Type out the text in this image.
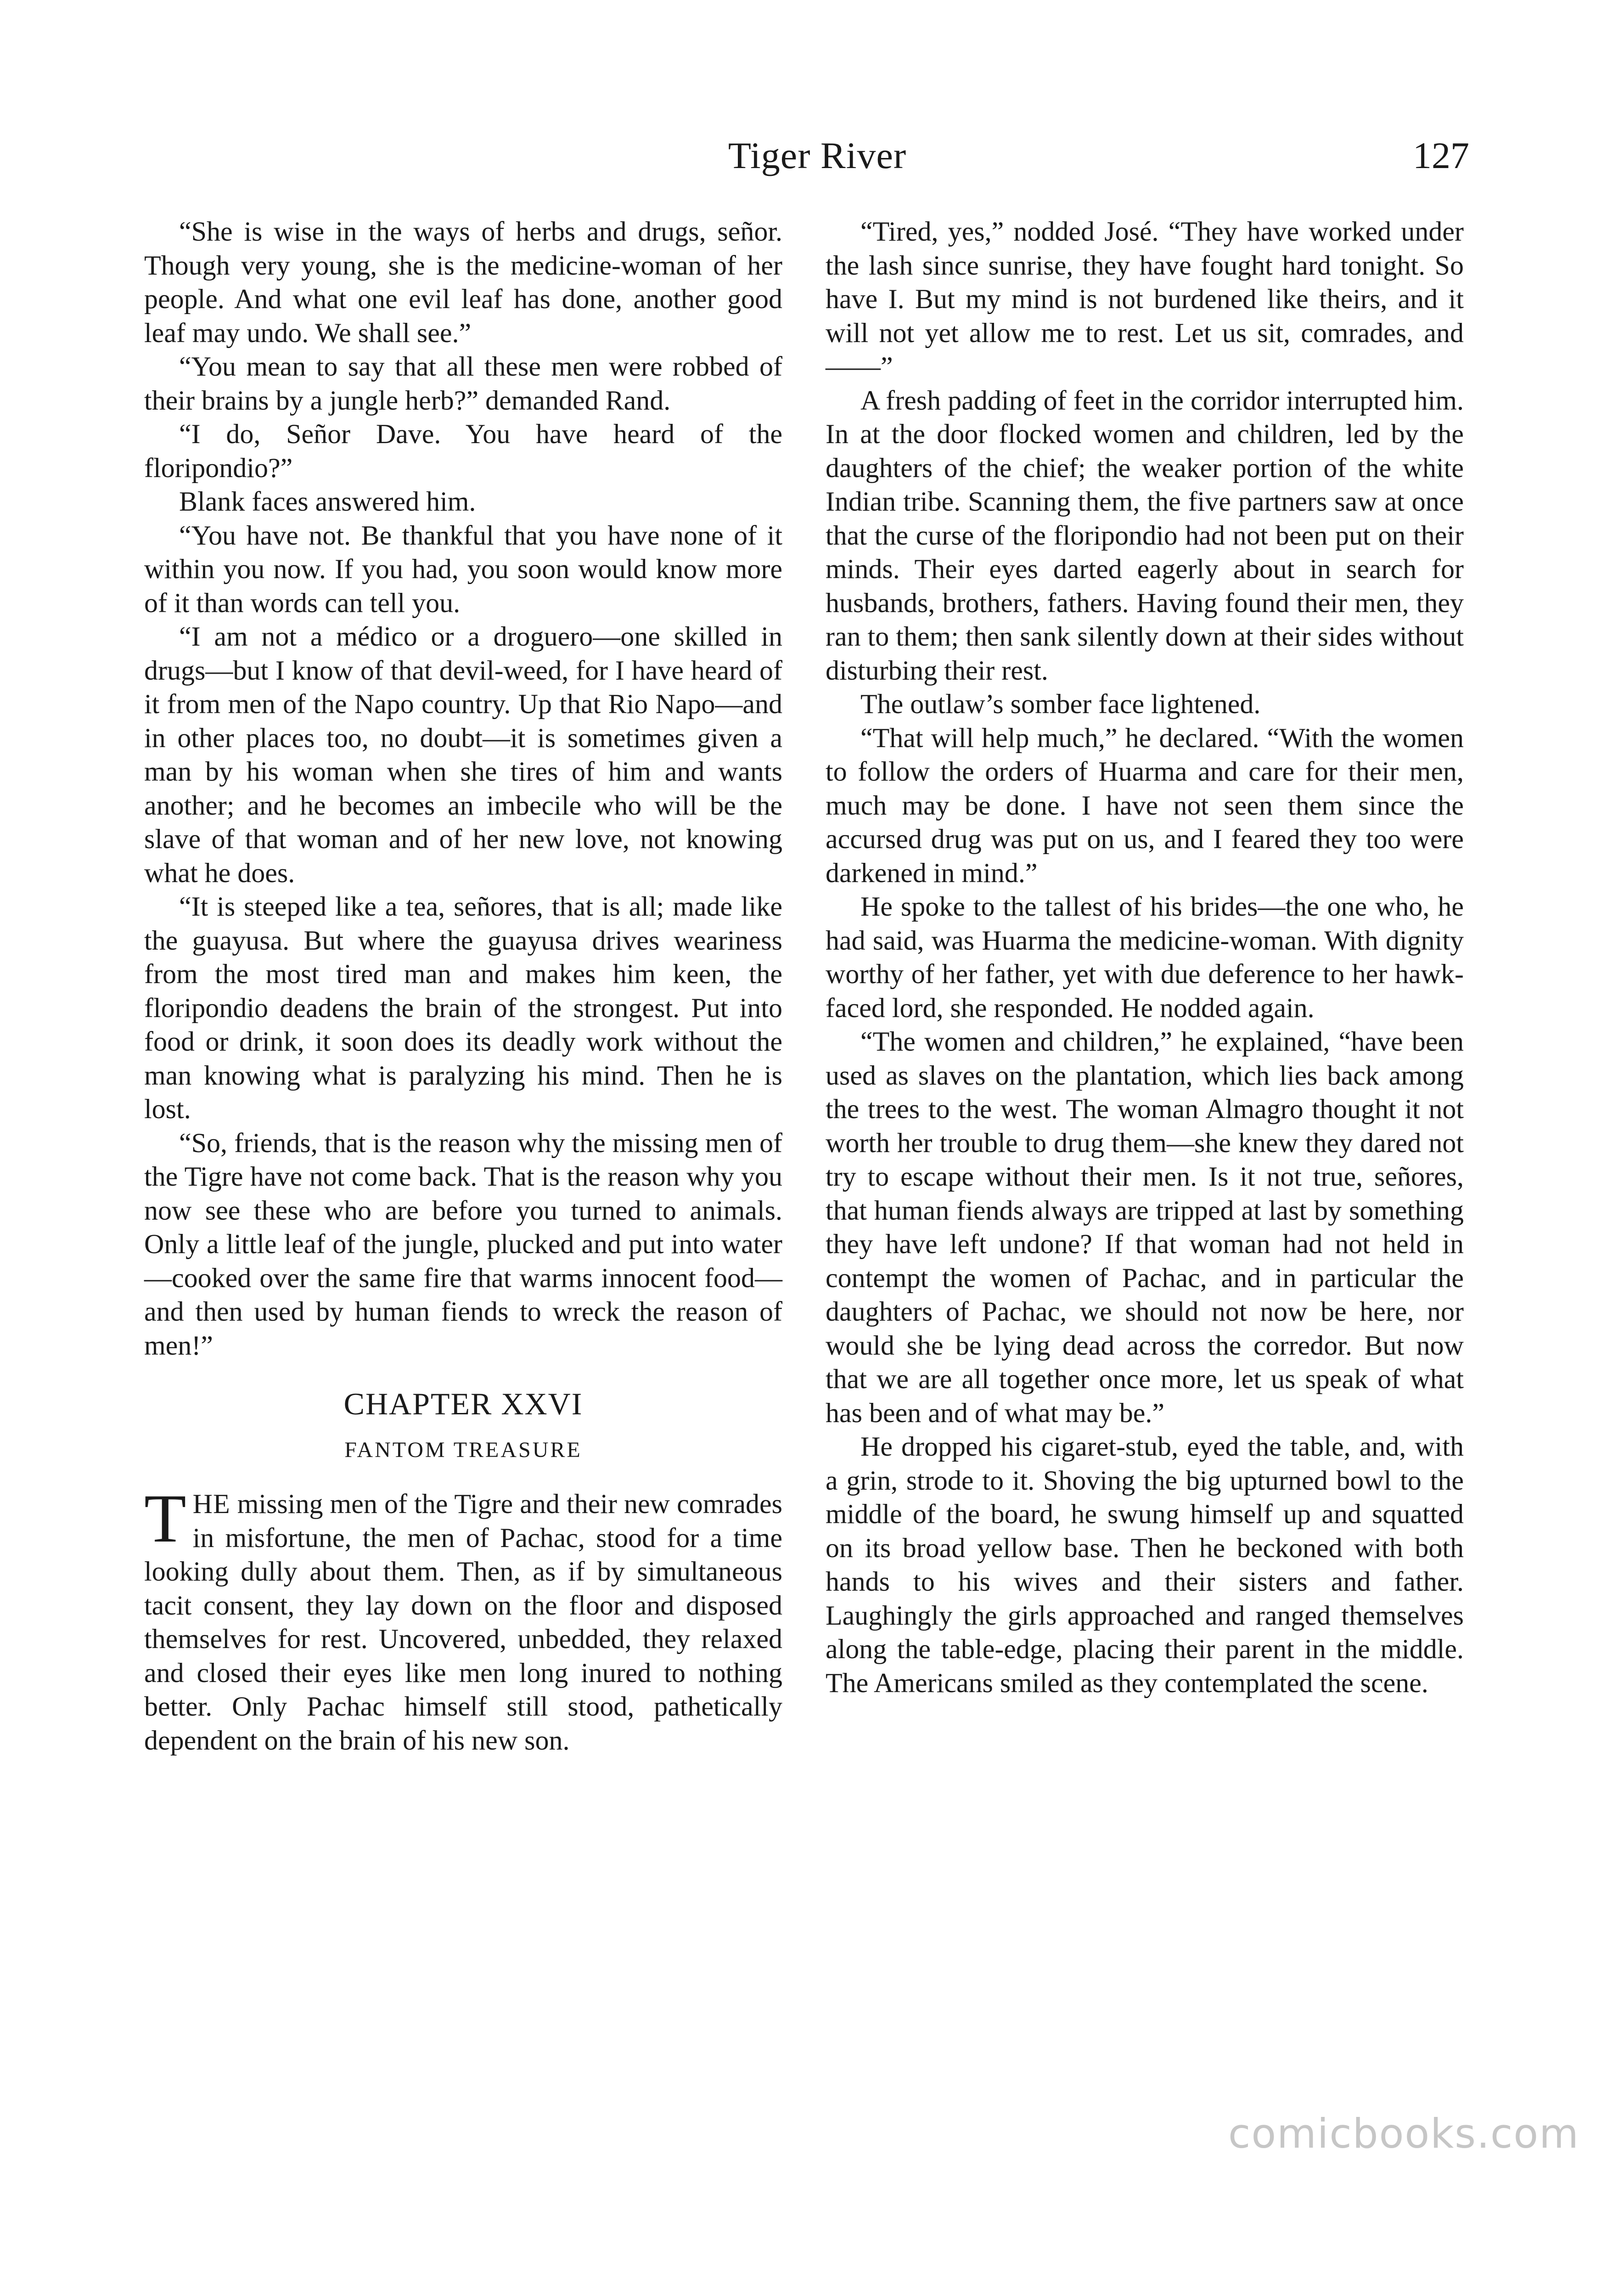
Tiger River	127

“She is wise in the ways of herbs and drugs, señor. Though very young, she is the medicine-woman of her people. And what one evil leaf has done, another good leaf may undo. We shall see.”

“You mean to say that all these men were robbed of their brains by a jungle herb?” demanded Rand.

“I do, Señor Dave. You have heard of the floripondio?”

Blank faces answered him.

“You have not. Be thankful that you have none of it within you now. If you had, you soon would know more of it than words can tell you.

“I am not a médico or a droguero—one skilled in drugs—but I know of that devil-weed, for I have heard of it from men of the Napo country. Up that Rio Napo—and in other places too, no doubt—it is sometimes given a man by his woman when she tires of him and wants another; and he becomes an imbecile who will be the slave of that woman and of her new love, not knowing what he does.

“It is steeped like a tea, señores, that is all; made like the guayusa. But where the guayusa drives weariness from the most tired man and makes him keen, the floripondio deadens the brain of the strongest. Put into food or drink, it soon does its deadly work without the man knowing what is paralyzing his mind. Then he is lost.

“So, friends, that is the reason why the missing men of the Tigre have not come back. That is the reason why you now see these who are before you turned to animals. Only a little leaf of the jungle, plucked and put into water—cooked over the same fire that warms innocent food—and then used by human fiends to wreck the reason of men!”

CHAPTER XXVI
FANTOM TREASURE

THE missing men of the Tigre and their new comrades in misfortune, the men of Pachac, stood for a time looking dully about them. Then, as if by simultaneous tacit consent, they lay down on the floor and disposed themselves for rest. Uncovered, unbedded, they relaxed and closed their eyes like men long inured to nothing better. Only Pachac himself still stood, pathetically dependent on the brain of his new son.

“Tired, yes,” nodded José. “They have worked under the lash since sunrise, they have fought hard tonight. So have I. But my mind is not burdened like theirs, and it will not yet allow me to rest. Let us sit, comrades, and——”

A fresh padding of feet in the corridor interrupted him. In at the door flocked women and children, led by the daughters of the chief; the weaker portion of the white Indian tribe. Scanning them, the five partners saw at once that the curse of the floripondio had not been put on their minds. Their eyes darted eagerly about in search for husbands, brothers, fathers. Having found their men, they ran to them; then sank silently down at their sides without disturbing their rest.

The outlaw’s somber face lightened.

“That will help much,” he declared. “With the women to follow the orders of Huarma and care for their men, much may be done. I have not seen them since the accursed drug was put on us, and I feared they too were darkened in mind.”

He spoke to the tallest of his brides—the one who, he had said, was Huarma the medicine-woman. With dignity worthy of her father, yet with due deference to her hawk-faced lord, she responded. He nodded again.

“The women and children,” he explained, “have been used as slaves on the plantation, which lies back among the trees to the west. The woman Almagro thought it not worth her trouble to drug them—she knew they dared not try to escape without their men. Is it not true, señores, that human fiends always are tripped at last by something they have left undone? If that woman had not held in contempt the women of Pachac, and in particular the daughters of Pachac, we should not now be here, nor would she be lying dead across the corredor. But now that we are all together once more, let us speak of what has been and of what may be.”

He dropped his cigaret-stub, eyed the table, and, with a grin, strode to it. Shoving the big upturned bowl to the middle of the board, he swung himself up and squatted on its broad yellow base. Then he beckoned with both hands to his wives and their sisters and father. Laughingly the girls approached and ranged themselves along the table-edge, placing their parent in the middle. The Americans smiled as they contemplated the scene.

comicbooks.com
